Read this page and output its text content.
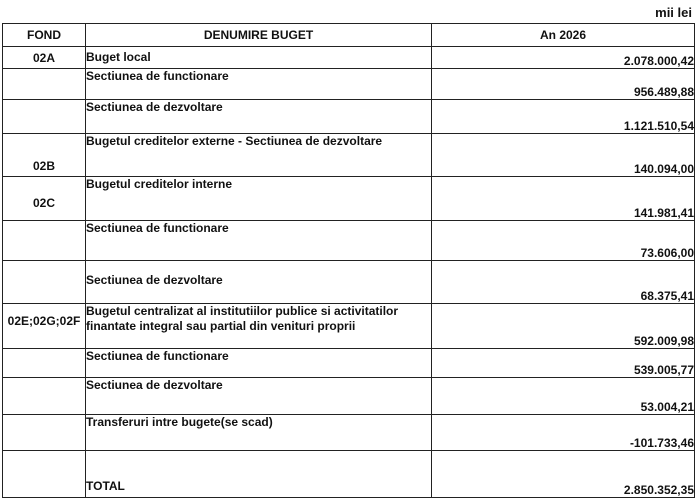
mii lei
FOND	DENUMIRE BUGET	An 2026
02A	Buget local	2.078.000,42
	Sectiunea de functionare	956.489,88
	Sectiunea de dezvoltare	1.121.510,54
02B	Bugetul creditelor externe - Sectiunea de dezvoltare	140.094,00
02C	Bugetul creditelor interne	141.981,41
	Sectiunea de functionare	73.606,00
	Sectiunea de dezvoltare	68.375,41
02E;02G;02F	Bugetul centralizat al institutiilor publice si activitatilor finantate integral sau partial din venituri proprii	592.009,98
	Sectiunea de functionare	539.005,77
	Sectiunea de dezvoltare	53.004,21
	Transferuri intre bugete(se scad)	-101.733,46
	TOTAL	2.850.352,35
